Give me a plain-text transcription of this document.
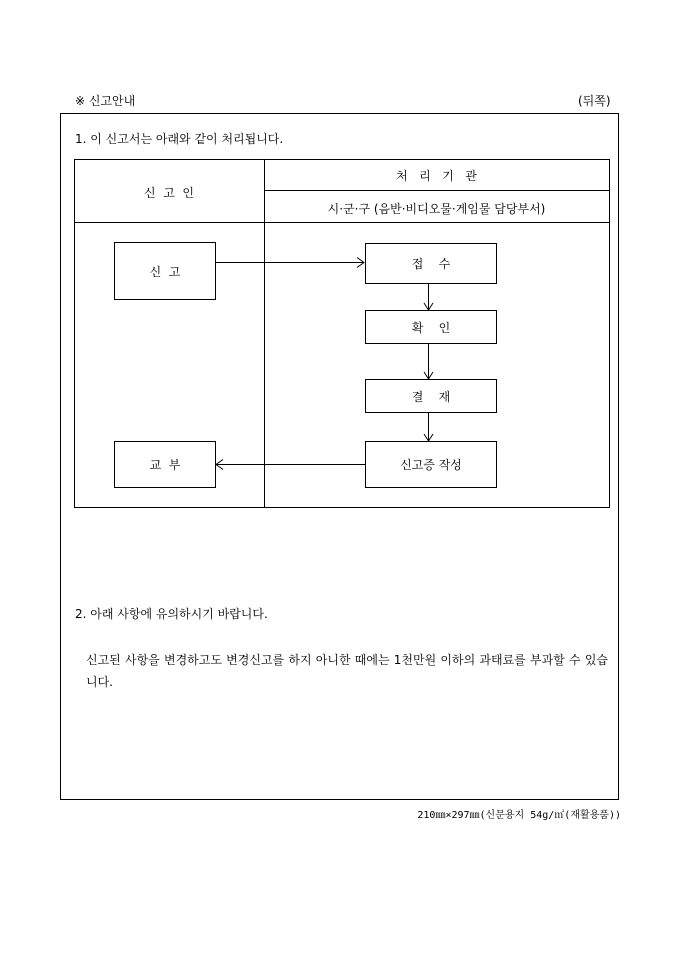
※ 신고안내	(뒤쪽)
1. 이 신고서는 아래와 같이 처리됩니다.
신  고  인
처   리   기   관
시·군·구 (음반·비디오물·게임물 담당부서)
신  고
교  부
접    수
확    인
결    재
신고증 작성
2. 아래 사항에 유의하시기 바랍니다.
신고된 사항을 변경하고도 변경신고를 하지 아니한 때에는 1천만원 이하의 과태료를 부과할 수 있습니다.
210㎜×297㎜(신문용지 54g/㎡(재활용품))
